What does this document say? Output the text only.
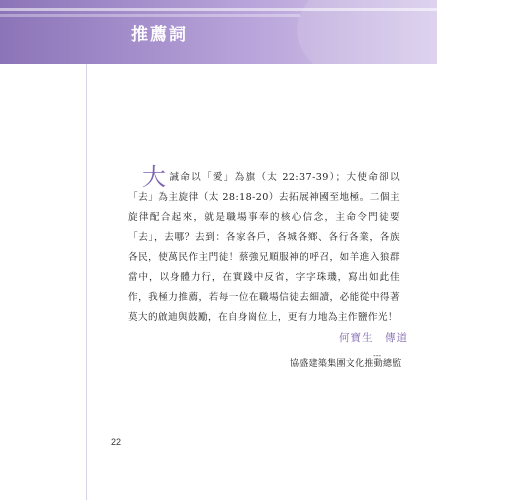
推薦詞
大誡命以「愛」為旗（太 22:37-39）；大使命卻以「去」為主旋律（太 28:18-20）去拓展神國至地極。二個主旋律配合起來，就是職場事奉的核心信念，主命令門徒要「去」，去哪？去到：各家各戶，各城各鄉、各行各業，各族各民，使萬民作主門徒！蔡強兄順服神的呼召，如羊進入狼群當中，以身體力行，在實踐中反省，字字珠璣，寫出如此佳作，我極力推薦，若每一位在職場信徒去細讀，必能從中得著莫大的啟迪與鼓勵，在自身崗位上，更有力地為主作鹽作光！
何寶生　傳道
---
協盛建築集團文化推動總監
22
